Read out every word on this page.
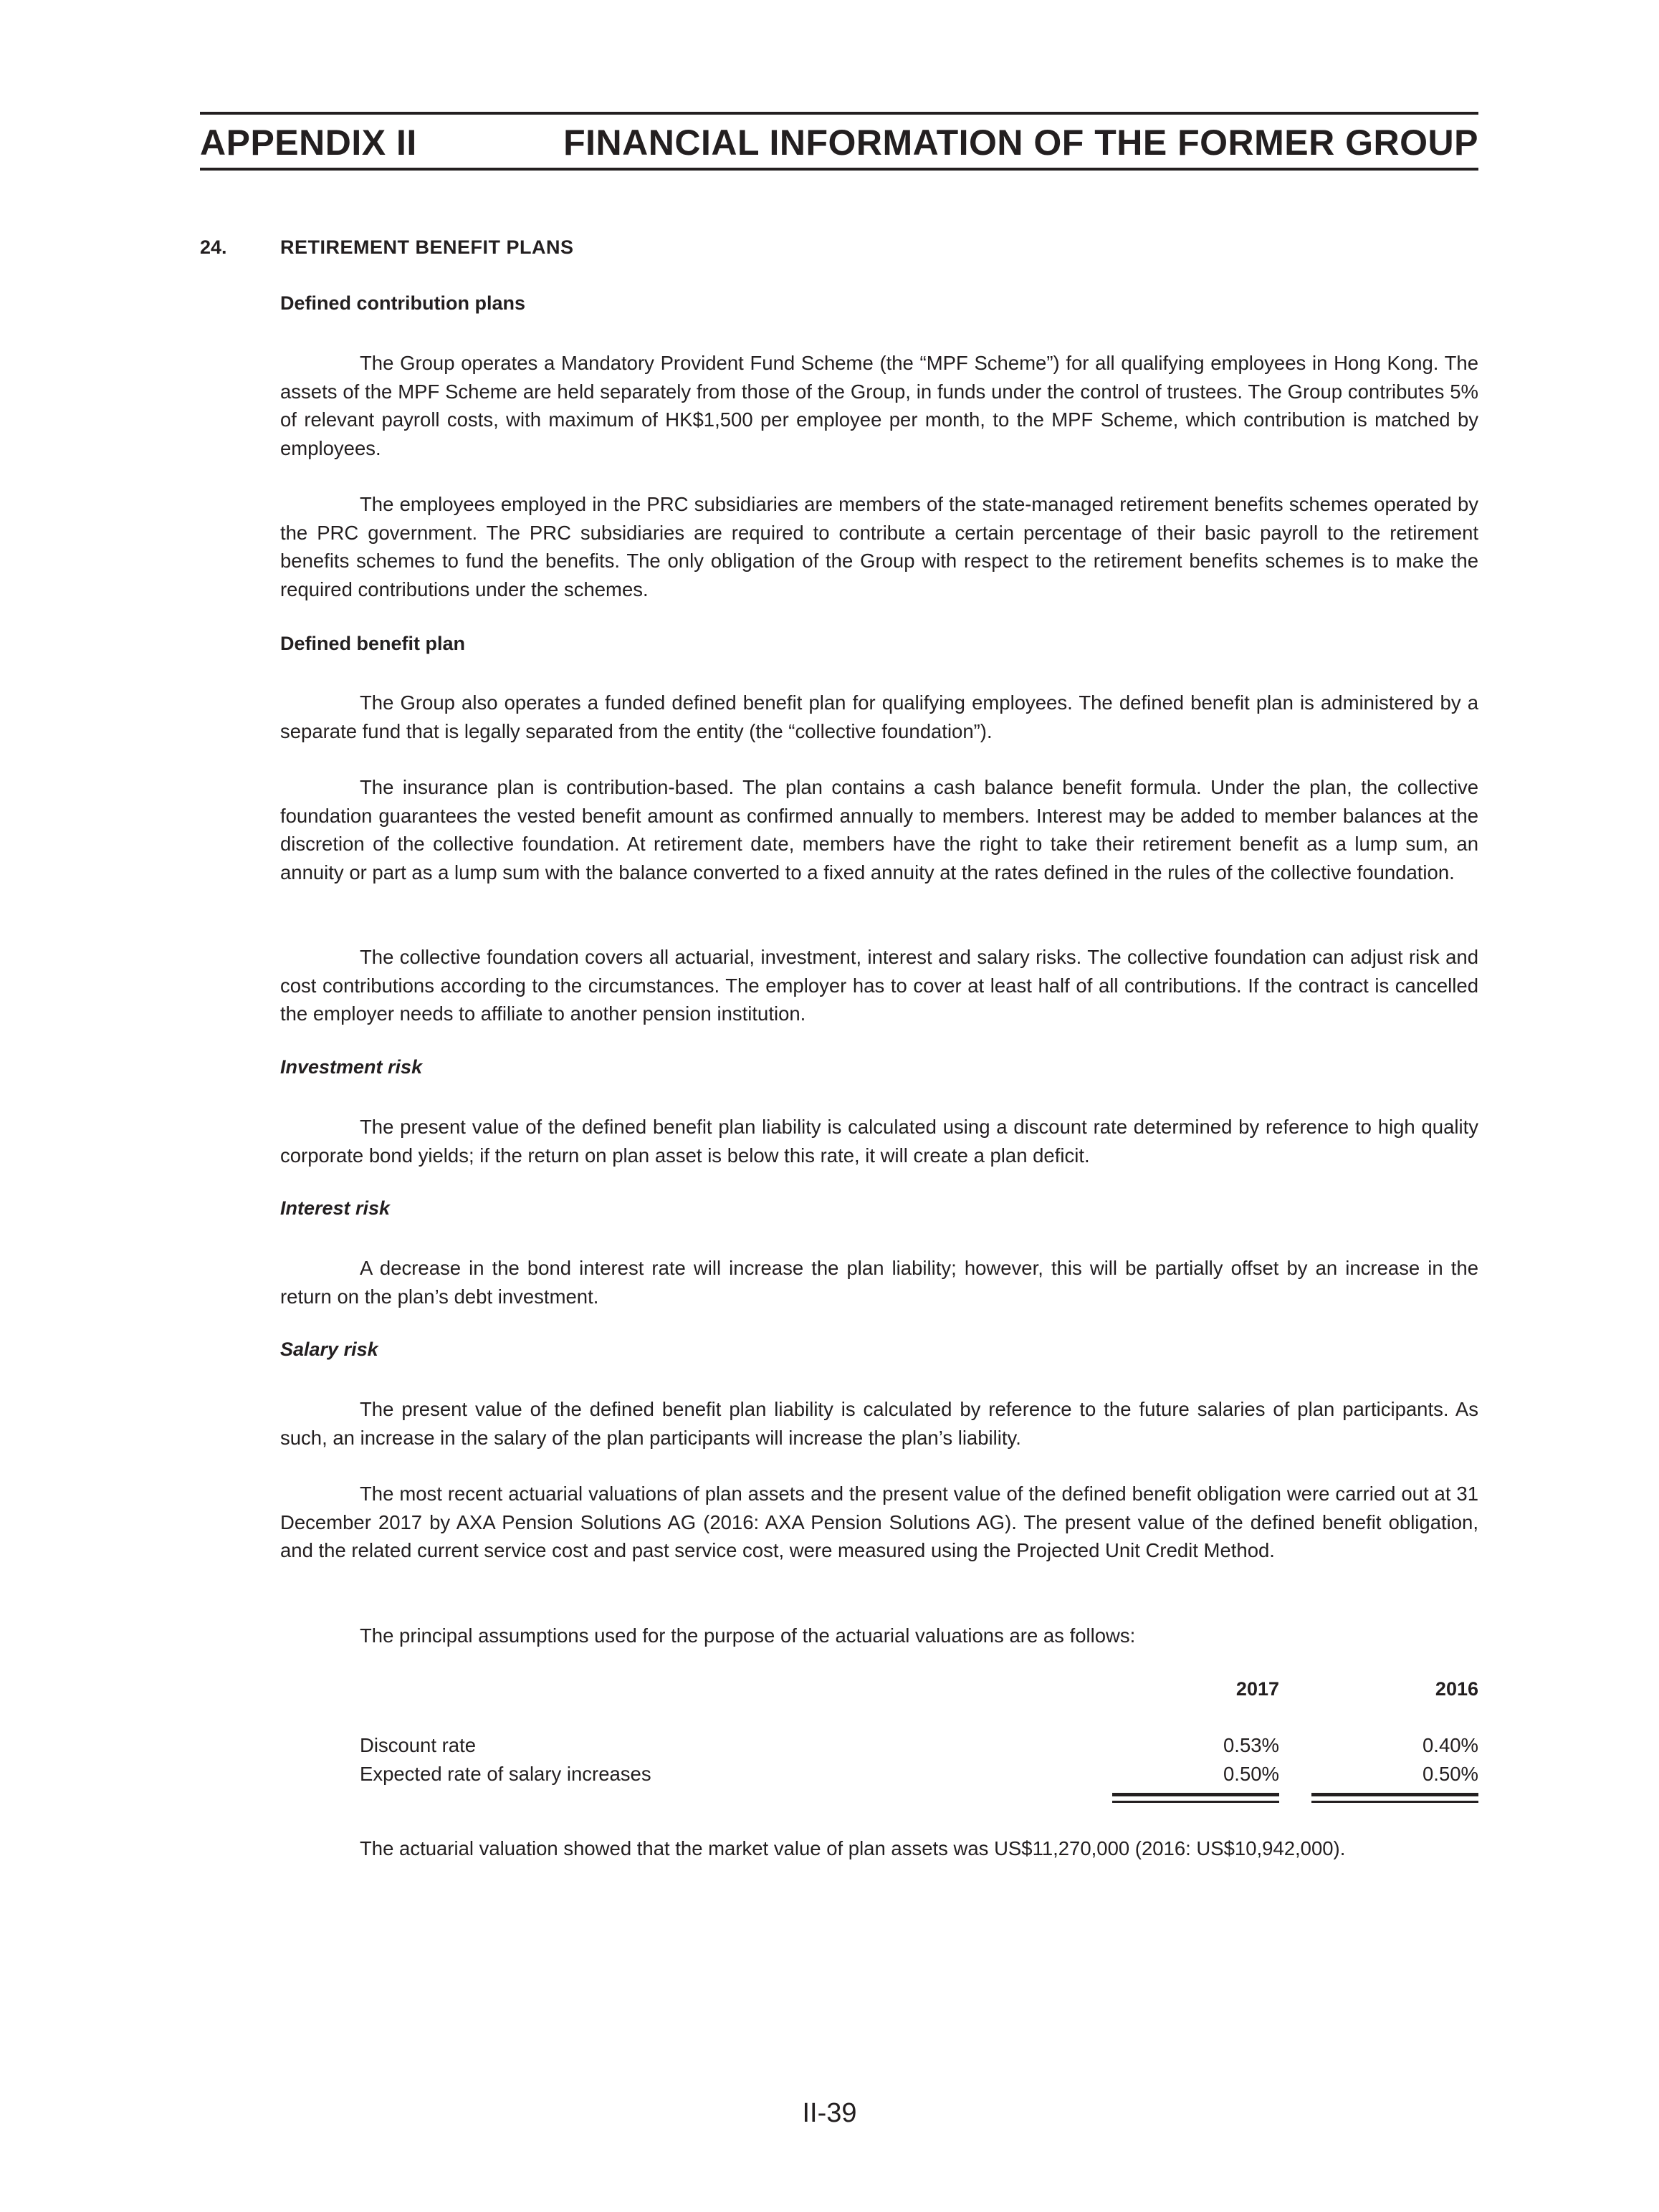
APPENDIX II	FINANCIAL INFORMATION OF THE FORMER GROUP
24.	RETIREMENT BENEFIT PLANS
Defined contribution plans
The Group operates a Mandatory Provident Fund Scheme (the “MPF Scheme”) for all qualifying employees in Hong Kong. The assets of the MPF Scheme are held separately from those of the Group, in funds under the control of trustees. The Group contributes 5% of relevant payroll costs, with maximum of HK$1,500 per employee per month, to the MPF Scheme, which contribution is matched by employees.
The employees employed in the PRC subsidiaries are members of the state-managed retirement benefits schemes operated by the PRC government. The PRC subsidiaries are required to contribute a certain percentage of their basic payroll to the retirement benefits schemes to fund the benefits. The only obligation of the Group with respect to the retirement benefits schemes is to make the required contributions under the schemes.
Defined benefit plan
The Group also operates a funded defined benefit plan for qualifying employees. The defined benefit plan is administered by a separate fund that is legally separated from the entity (the “collective foundation”).
The insurance plan is contribution-based. The plan contains a cash balance benefit formula. Under the plan, the collective foundation guarantees the vested benefit amount as confirmed annually to members. Interest may be added to member balances at the discretion of the collective foundation. At retirement date, members have the right to take their retirement benefit as a lump sum, an annuity or part as a lump sum with the balance converted to a fixed annuity at the rates defined in the rules of the collective foundation.
The collective foundation covers all actuarial, investment, interest and salary risks. The collective foundation can adjust risk and cost contributions according to the circumstances. The employer has to cover at least half of all contributions. If the contract is cancelled the employer needs to affiliate to another pension institution.
Investment risk
The present value of the defined benefit plan liability is calculated using a discount rate determined by reference to high quality corporate bond yields; if the return on plan asset is below this rate, it will create a plan deficit.
Interest risk
A decrease in the bond interest rate will increase the plan liability; however, this will be partially offset by an increase in the return on the plan’s debt investment.
Salary risk
The present value of the defined benefit plan liability is calculated by reference to the future salaries of plan participants. As such, an increase in the salary of the plan participants will increase the plan’s liability.
The most recent actuarial valuations of plan assets and the present value of the defined benefit obligation were carried out at 31 December 2017 by AXA Pension Solutions AG (2016: AXA Pension Solutions AG). The present value of the defined benefit obligation, and the related current service cost and past service cost, were measured using the Projected Unit Credit Method.
The principal assumptions used for the purpose of the actuarial valuations are as follows:
2017	2016
Discount rate	0.53%	0.40%
Expected rate of salary increases	0.50%	0.50%
The actuarial valuation showed that the market value of plan assets was US$11,270,000 (2016: US$10,942,000).
II-39
